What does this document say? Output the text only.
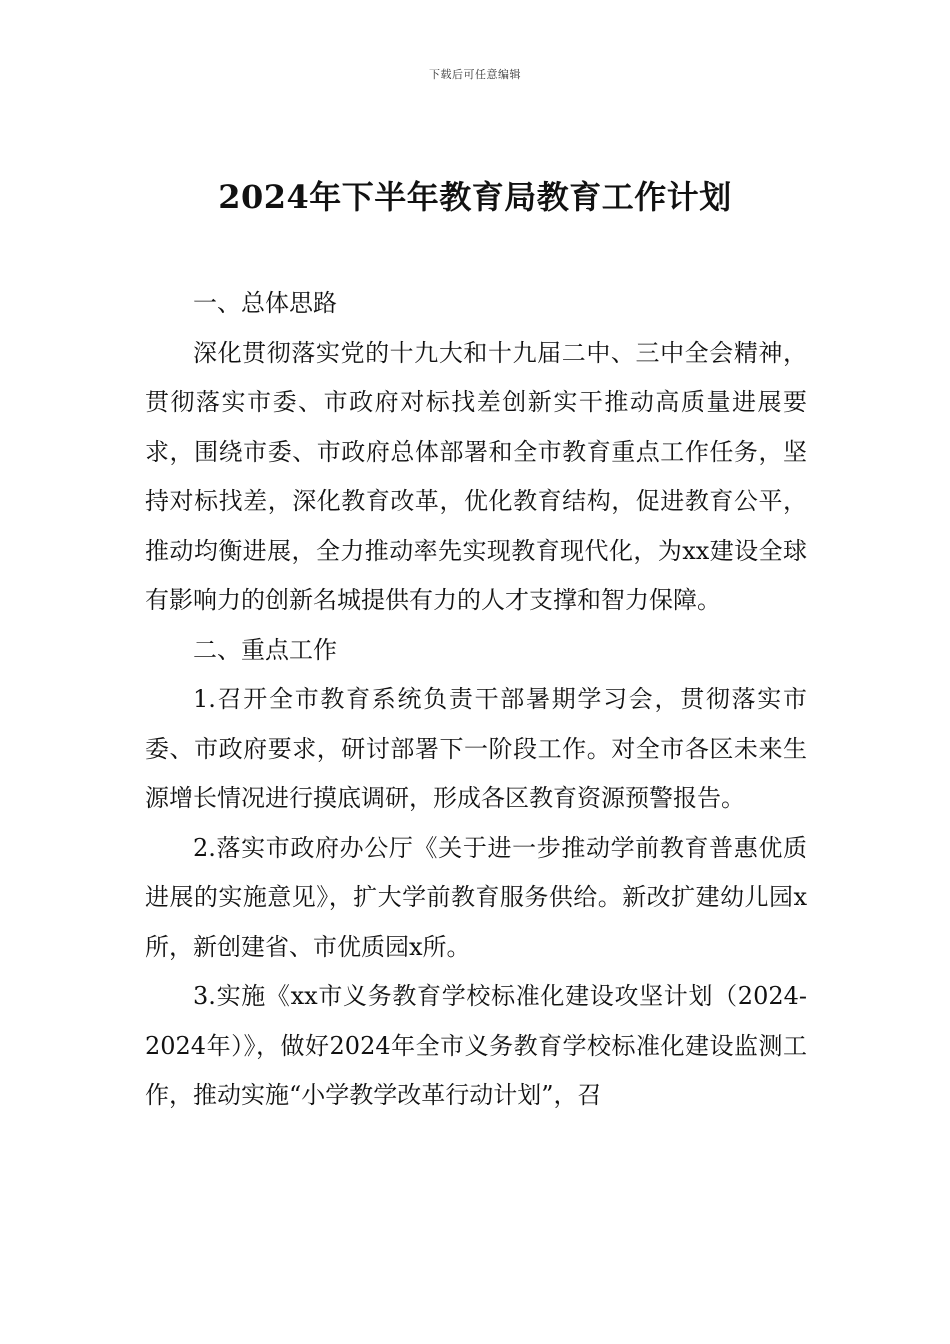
下载后可任意编辑
2024年下半年教育局教育工作计划

一、总体思路

深化贯彻落实党的十九大和十九届二中、三中全会精神，贯彻落实市委、市政府对标找差创新实干推动高质量进展要求，围绕市委、市政府总体部署和全市教育重点工作任务，坚持对标找差，深化教育改革，优化教育结构，促进教育公平，推动均衡进展，全力推动率先实现教育现代化，为xx建设全球有影响力的创新名城提供有力的人才支撑和智力保障。

二、重点工作

1.召开全市教育系统负责干部暑期学习会，贯彻落实市委、市政府要求，研讨部署下一阶段工作。对全市各区未来生源增长情况进行摸底调研，形成各区教育资源预警报告。

2.落实市政府办公厅《关于进一步推动学前教育普惠优质进展的实施意见》，扩大学前教育服务供给。新改扩建幼儿园x所，新创建省、市优质园x所。

3.实施《xx市义务教育学校标准化建设攻坚计划（2024-2024年）》，做好2024年全市义务教育学校标准化建设监测工作，推动实施“小学教学改革行动计划”，召
